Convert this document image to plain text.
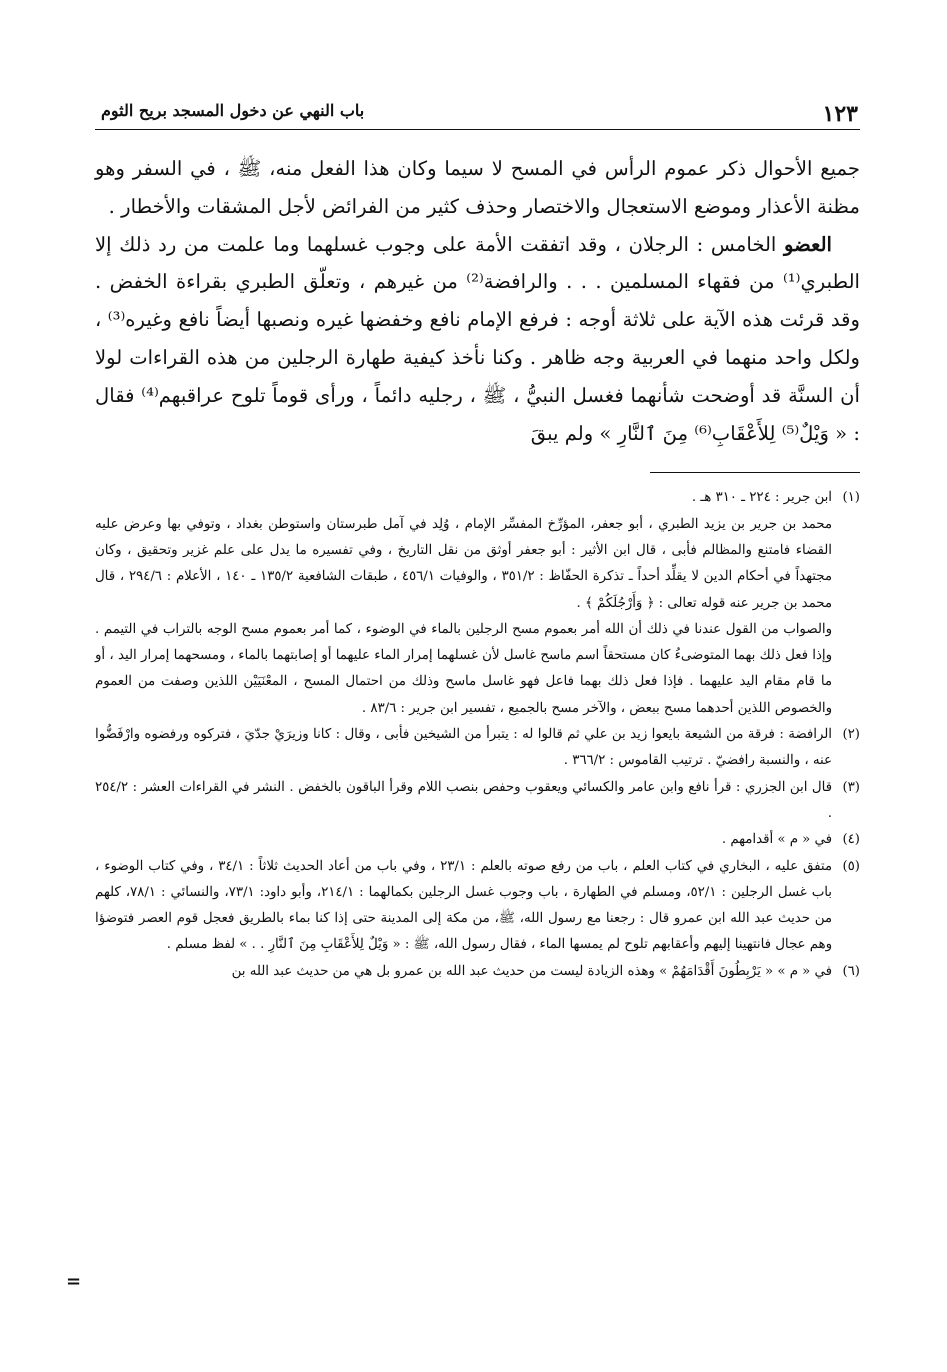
١٢٣
باب النهي عن دخول المسجد بريح الثوم

جميع الأحوال ذكر عموم الرأس في المسح لا سيما وكان هذا الفعل منه، ﷺ ، في السفر وهو مظنة الأعذار وموضع الاستعجال والاختصار وحذف كثير من الفرائض لأجل المشقات والأخطار .

العضو الخامس : الرجلان ، وقد اتفقت الأمة على وجوب غسلهما وما علمت من رد ذلك إلا الطبري⁽¹⁾ من فقهاء المسلمين . . . والرافضة⁽²⁾ من غيرهم ، وتعلّق الطبري بقراءة الخفض . وقد قرئت هذه الآية على ثلاثة أوجه : فرفع الإمام نافع وخفضها غيره ونصبها أيضاً نافع وغيره⁽³⁾ ، ولكل واحد منهما في العربية وجه ظاهر . وكنا نأخذ كيفية طهارة الرجلين من هذه القراءات لولا أن السنَّة قد أوضحت شأنهما فغسل النبيُّ ، ﷺ ، رجليه دائماً ، ورأى قوماً تلوح عراقبهم⁽⁴⁾ فقال : « وَيْلٌ⁽⁵⁾ لِلأَعْقَابِ⁽⁶⁾ مِنَ ٱلنَّارِ » ولم يبقَ

(١)
ابن جرير : ٢٢٤ ـ ٣١٠ هـ .

محمد بن جرير بن يزيد الطبري ، أبو جعفر، المؤرِّخ المفسِّر الإمام ، وُلِد في آمل طبرستان واستوطن بغداد ، وتوفي بها وعرض عليه القضاء فامتنع والمظالم فأبى ، قال ابن الأثير : أبو جعفر أوثق من نقل التاريخ ، وفي تفسيره ما يدل على علم غزير وتحقيق ، وكان مجتهداً في أحكام الدين لا يقلِّد أحداً ـ تذكرة الحفّاظ : ٣٥١/٢ ، والوفيات ٤٥٦/١ ، طبقات الشافعية ١٣٥/٢ ـ ١٤٠ ، الأعلام : ٢٩٤/٦ ، قال محمد بن جرير عنه قوله تعالى : ﴿ وَأَرْجُلَكُمْ ﴾ .

والصواب من القول عندنا في ذلك أن الله أمر بعموم مسح الرجلين بالماء في الوضوء ، كما أمر بعموم مسح الوجه بالتراب في التيمم . وإذا فعل ذلك بهما المتوضىءُ كان مستحقاً اسم ماسح غاسل لأن غسلهما إمرار الماء عليهما أو إصابتهما بالماء ، ومسحهما إمرار اليد ، أو ما قام مقام اليد عليهما . فإذا فعل ذلك بهما فاعل فهو غاسل ماسح وذلك من احتمال المسح ، المعْنَيَيْن اللذين وصفت من العموم والخصوص اللذين أحدهما مسح ببعض ، والآخر مسح بالجميع ، تفسير ابن جرير : ٨٣/٦ .

(٢)
الرافضة : فرقة من الشيعة بايعوا زيد بن علي ثم قالوا له : يتبرأ من الشيخين فأبى ، وقال : كانا وزيرَيْ جدّيَ ، فتركوه ورفضوه وارْفَضُّوا عنه ، والنسبة رافضيّ . ترتيب القاموس : ٣٦٦/٢ .

(٣)
قال ابن الجزري : قرأ نافع وابن عامر والكسائي ويعقوب وحفص بنصب اللام وقرأ الباقون بالخفض . النشر في القراءات العشر : ٢٥٤/٢ .

(٤)
في « م » أقدامهم .

(٥)
متفق عليه ، البخاري في كتاب العلم ، باب من رفع صوته بالعلم : ٢٣/١ ، وفي باب من أعاد الحديث ثلاثاً : ٣٤/١ ، وفي كتاب الوضوء ، باب غسل الرجلين : ٥٢/١، ومسلم في الطهارة ، باب وجوب غسل الرجلين بكمالهما : ٢١٤/١، وأبو داود: ٧٣/١، والنسائي : ٧٨/١، كلهم من حديث عبد الله ابن عمرو قال : رجعنا مع رسول الله، ﷺ، من مكة إلى المدينة حتى إذا كنا بماء بالطريق فعجل قوم العصر فتوضؤا وهم عجال فانتهينا إليهم وأعقابهم تلوح لم يمسها الماء ، فقال رسول الله، ﷺ : « وَيْلٌ لِلأَعْقَابِ مِنَ ٱلنَّارِ . . » لفظ مسلم .

(٦)
في « م » « يَرْبِطُونَ أَقْدَامَهُمْ » وهذه الزيادة ليست من حديث عبد الله بن عمرو بل هي من حديث عبد الله بن

=
